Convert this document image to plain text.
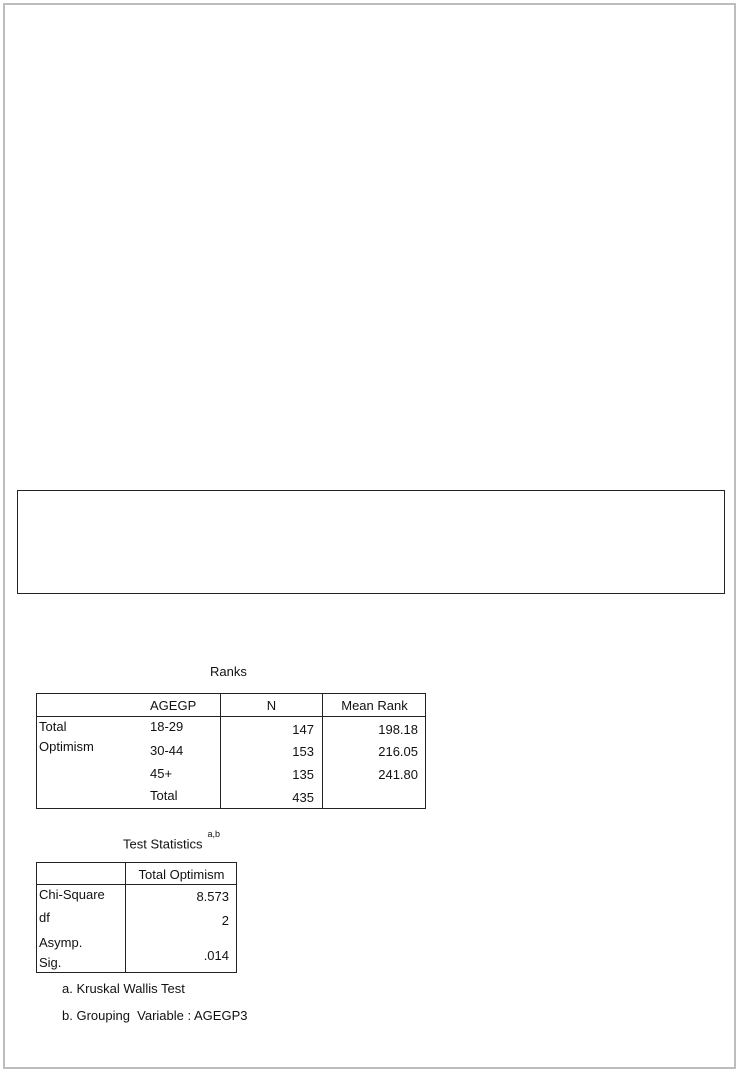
Ranks
AGEGP	N	Mean Rank
Total
Optimism
18-29	147	198.18
30-44	153	216.05
45+	135	241.80
Total	435
Test Statistics$^{a,b}$
Total Optimism
Chi-Square	8.573
df	2
Asymp.
Sig.	.014
a. Kruskal Wallis Test
b. Grouping  Variable : AGEGP3
